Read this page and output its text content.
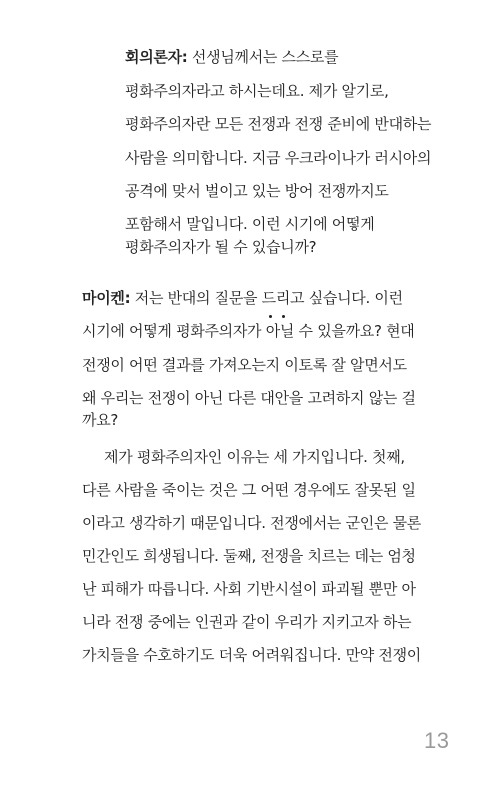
회의론자: 선생님께서는 스스로를
평화주의자라고 하시는데요. 제가 알기로,
평화주의자란 모든 전쟁과 전쟁 준비에 반대하는
사람을 의미합니다. 지금 우크라이나가 러시아의
공격에 맞서 벌이고 있는 방어 전쟁까지도
포함해서 말입니다. 이런 시기에 어떻게
평화주의자가 될 수 있습니까?
마이켄: 저는 반대의 질문을 드리고 싶습니다. 이런
시기에 어떻게 평화주의자가
아닐 수 있을까요? 현대
전쟁이 어떤 결과를 가져오는지 이토록 잘 알면서도
왜 우리는 전쟁이 아닌 다른 대안을 고려하지 않는 걸
까요?
제가 평화주의자인 이유는 세 가지입니다. 첫째,
다른 사람을 죽이는 것은 그 어떤 경우에도 잘못된 일
이라고 생각하기 때문입니다. 전쟁에서는 군인은 물론
민간인도 희생됩니다. 둘째, 전쟁을 치르는 데는 엄청
난 피해가 따릅니다. 사회 기반시설이 파괴될 뿐만 아
니라 전쟁 중에는 인권과 같이 우리가 지키고자 하는
가치들을 수호하기도 더욱 어려워집니다. 만약 전쟁이
13
